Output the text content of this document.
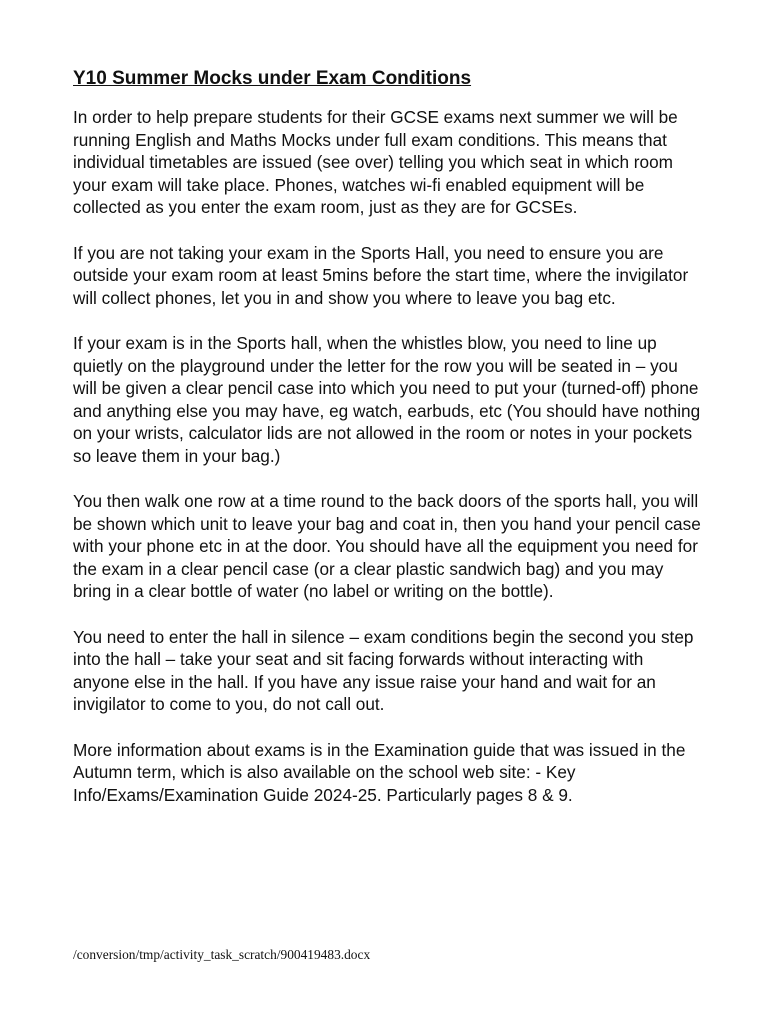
Y10 Summer Mocks under Exam Conditions

In order to help prepare students for their GCSE exams next summer we will be running English and Maths Mocks under full exam conditions. This means that individual timetables are issued (see over) telling you which seat in which room your exam will take place. Phones, watches wi-fi enabled equipment will be collected as you enter the exam room, just as they are for GCSEs.

If you are not taking your exam in the Sports Hall, you need to ensure you are outside your exam room at least 5mins before the start time, where the invigilator will collect phones, let you in and show you where to leave you bag etc.

If your exam is in the Sports hall, when the whistles blow, you need to line up quietly on the playground under the letter for the row you will be seated in – you will be given a clear pencil case into which you need to put your (turned-off) phone and anything else you may have, eg watch, earbuds, etc (You should have nothing on your wrists, calculator lids are not allowed in the room or notes in your pockets so leave them in your bag.)

You then walk one row at a time round to the back doors of the sports hall, you will be shown which unit to leave your bag and coat in, then you hand your pencil case with your phone etc in at the door. You should have all the equipment you need for the exam in a clear pencil case (or a clear plastic sandwich bag) and you may bring in a clear bottle of water (no label or writing on the bottle).

You need to enter the hall in silence – exam conditions begin the second you step into the hall – take your seat and sit facing forwards without interacting with anyone else in the hall. If you have any issue raise your hand and wait for an invigilator to come to you, do not call out.

More information about exams is in the Examination guide that was issued in the Autumn term, which is also available on the school web site: - Key Info/Exams/Examination Guide 2024-25. Particularly pages 8 & 9.

/conversion/tmp/activity_task_scratch/900419483.docx
